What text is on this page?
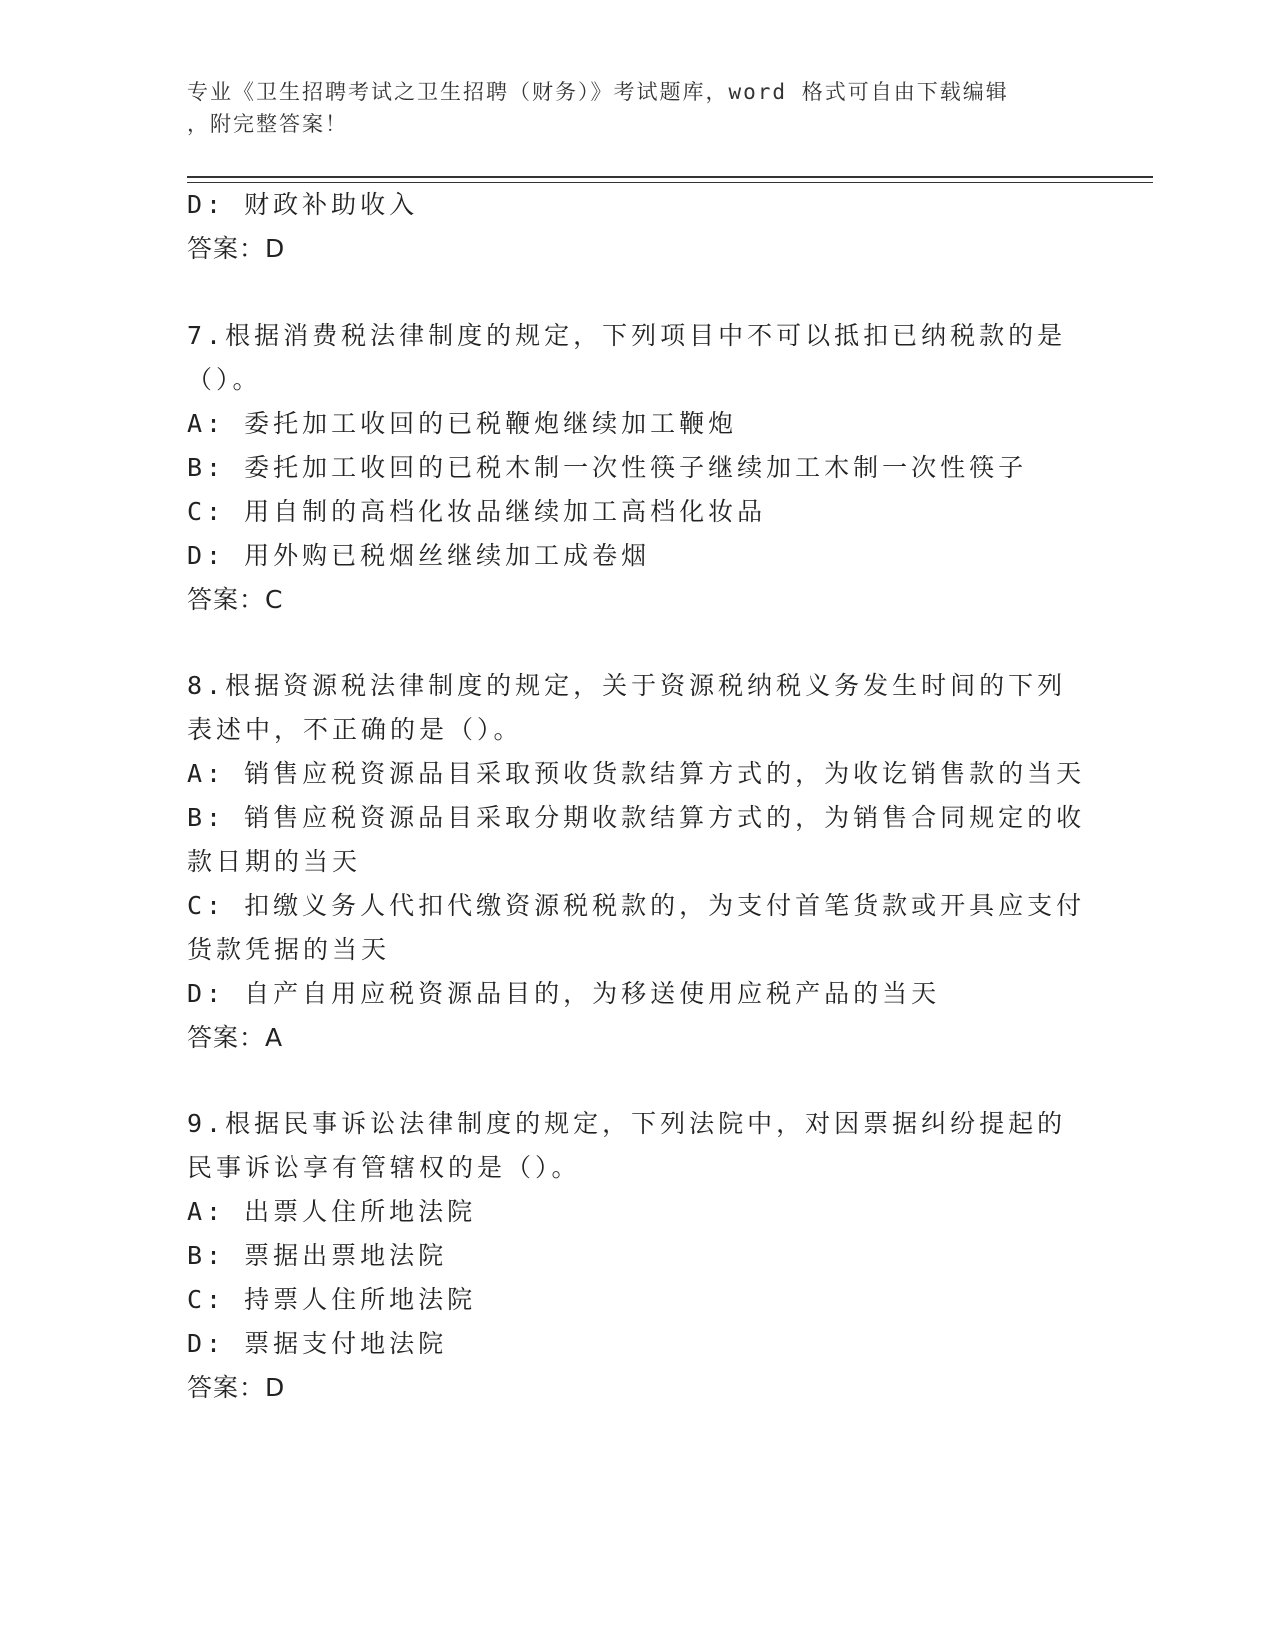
专业《卫生招聘考试之卫生招聘（财务）》考试题库，word 格式可自由下载编辑
，附完整答案！
D: 财政补助收入
答案：D
7.根据消费税法律制度的规定，下列项目中不可以抵扣已纳税款的是
（）。
A: 委托加工收回的已税鞭炮继续加工鞭炮
B: 委托加工收回的已税木制一次性筷子继续加工木制一次性筷子
C: 用自制的高档化妆品继续加工高档化妆品
D: 用外购已税烟丝继续加工成卷烟
答案：C
8.根据资源税法律制度的规定，关于资源税纳税义务发生时间的下列
表述中，不正确的是（）。
A: 销售应税资源品目采取预收货款结算方式的，为收讫销售款的当天
B: 销售应税资源品目采取分期收款结算方式的，为销售合同规定的收
款日期的当天
C: 扣缴义务人代扣代缴资源税税款的，为支付首笔货款或开具应支付
货款凭据的当天
D: 自产自用应税资源品目的，为移送使用应税产品的当天
答案：A
9.根据民事诉讼法律制度的规定，下列法院中，对因票据纠纷提起的
民事诉讼享有管辖权的是（）。
A: 出票人住所地法院
B: 票据出票地法院
C: 持票人住所地法院
D: 票据支付地法院
答案：D
